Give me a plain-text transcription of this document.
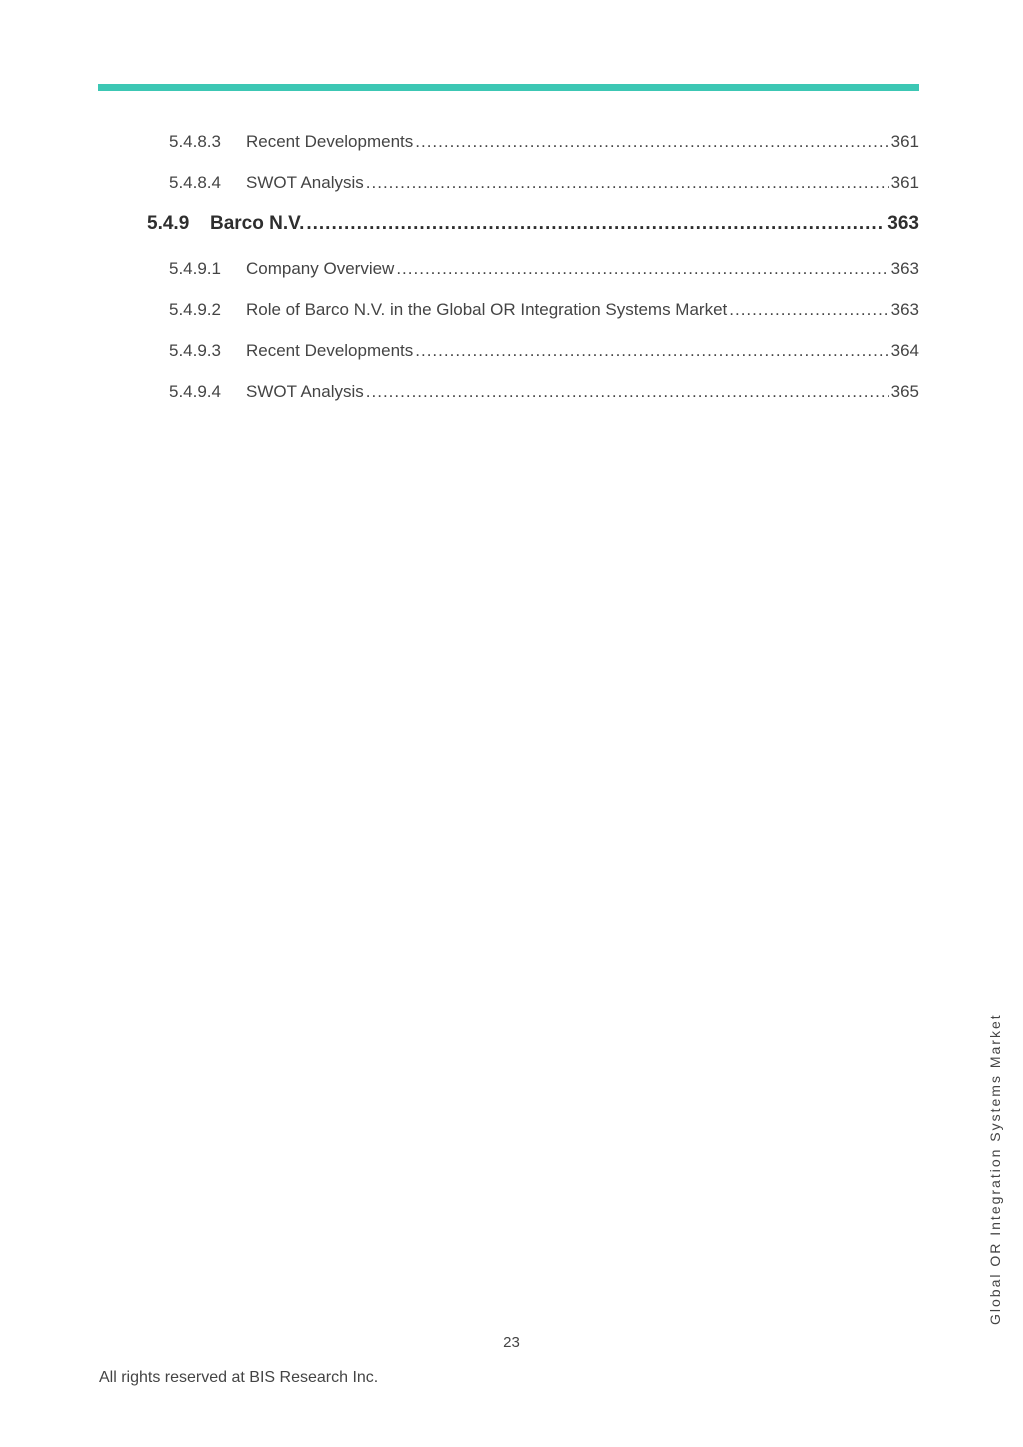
5.4.8.3	Recent Developments .....	361
5.4.8.4	SWOT Analysis .....	361
5.4.9	Barco N.V. .....	363
5.4.9.1	Company Overview .....	363
5.4.9.2	Role of Barco N.V. in the Global OR Integration Systems Market .....	363
5.4.9.3	Recent Developments .....	364
5.4.9.4	SWOT Analysis .....	365
Global OR Integration Systems Market
23
All rights reserved at BIS Research Inc.
